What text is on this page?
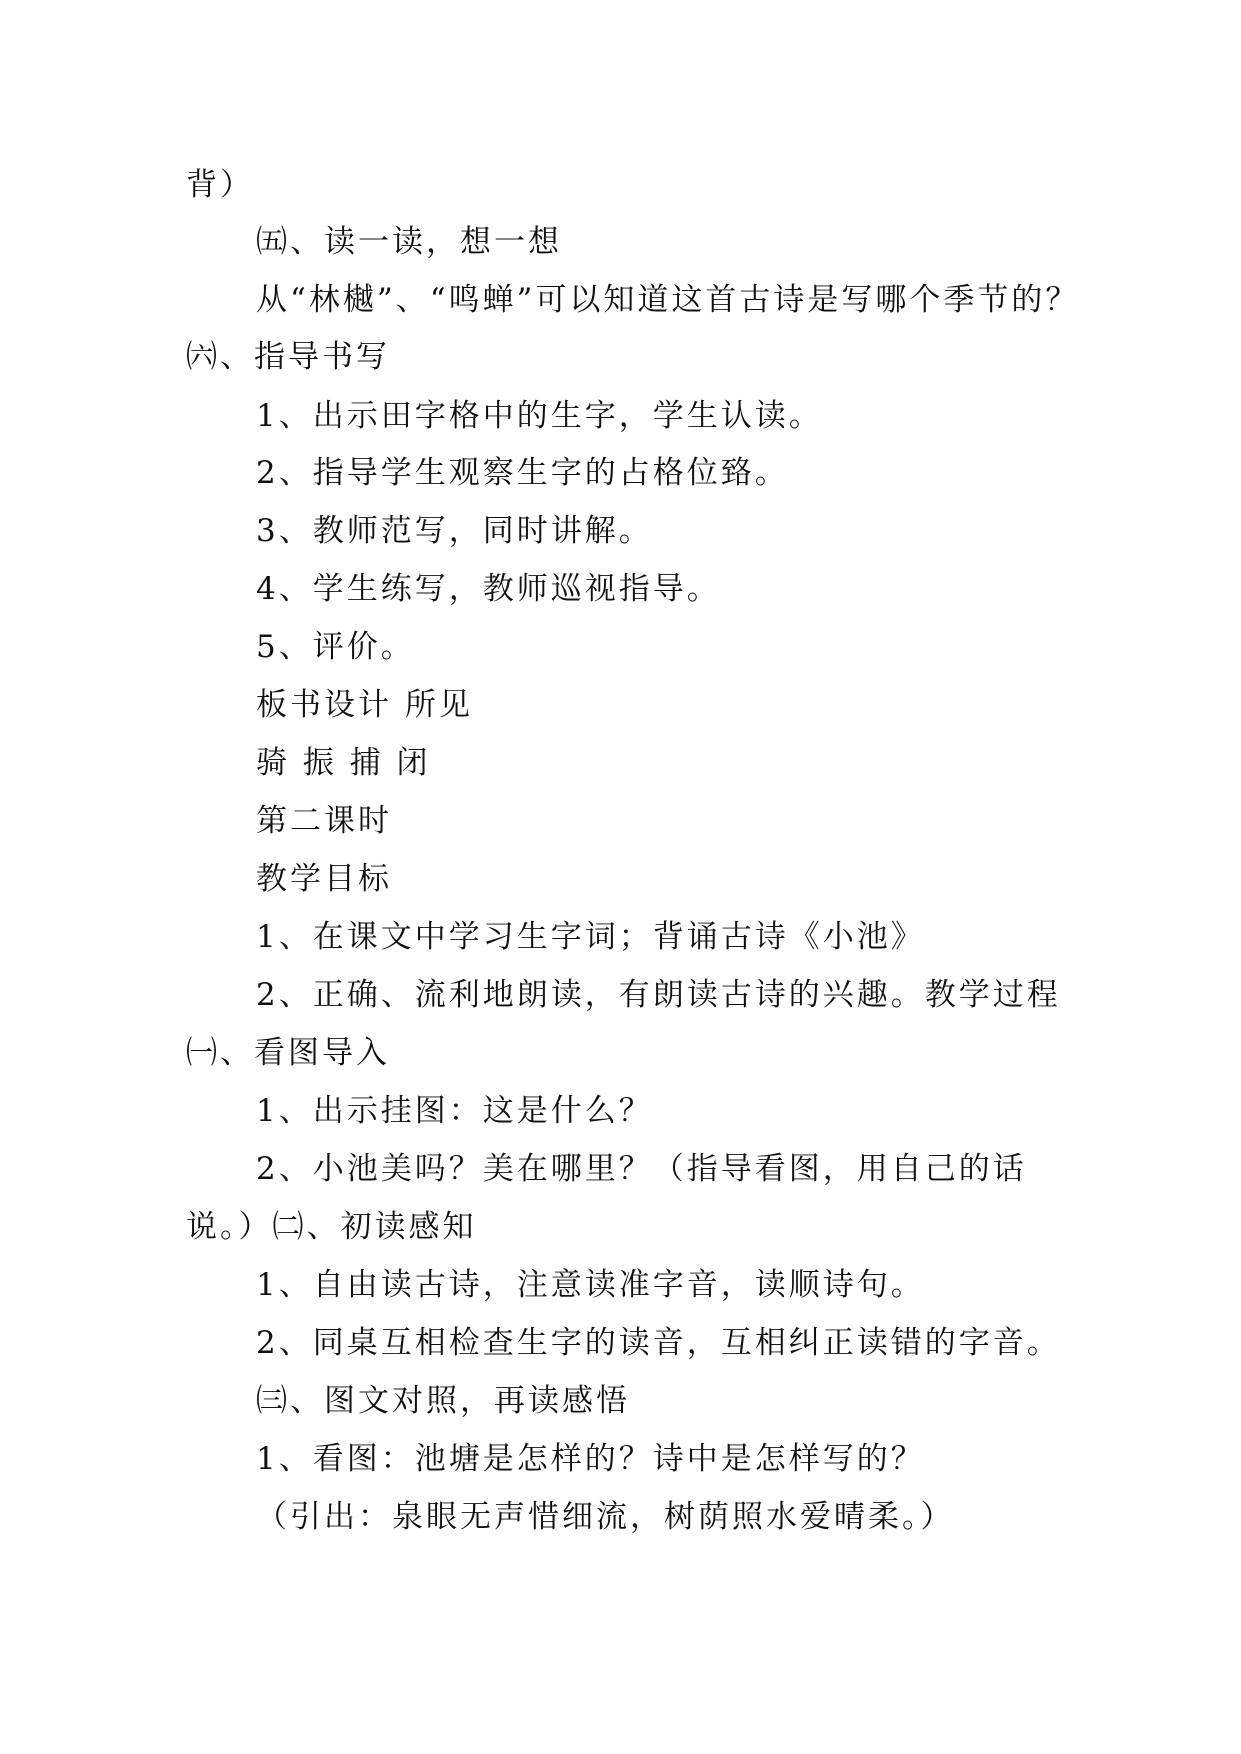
背）
㈤、读一读，想一想
从“林樾”、“鸣蝉”可以知道这首古诗是写哪个季节的？
㈥、指导书写
1、出示田字格中的生字，学生认读。
2、指导学生观察生字的占格位臵。
3、教师范写，同时讲解。
4、学生练写，教师巡视指导。
5、评价。
板书设计 所见
骑 振 捕 闭
第二课时
教学目标
1、在课文中学习生字词；背诵古诗《小池》
2、正确、流利地朗读，有朗读古诗的兴趣。教学过程
㈠、看图导入
1、出示挂图：这是什么？
2、小池美吗？美在哪里？（指导看图，用自己的话
说。）㈡、初读感知
1、自由读古诗，注意读准字音，读顺诗句。
2、同桌互相检查生字的读音，互相纠正读错的字音。
㈢、图文对照，再读感悟
1、看图：池塘是怎样的？诗中是怎样写的？
（引出：泉眼无声惜细流，树荫照水爱晴柔。）
